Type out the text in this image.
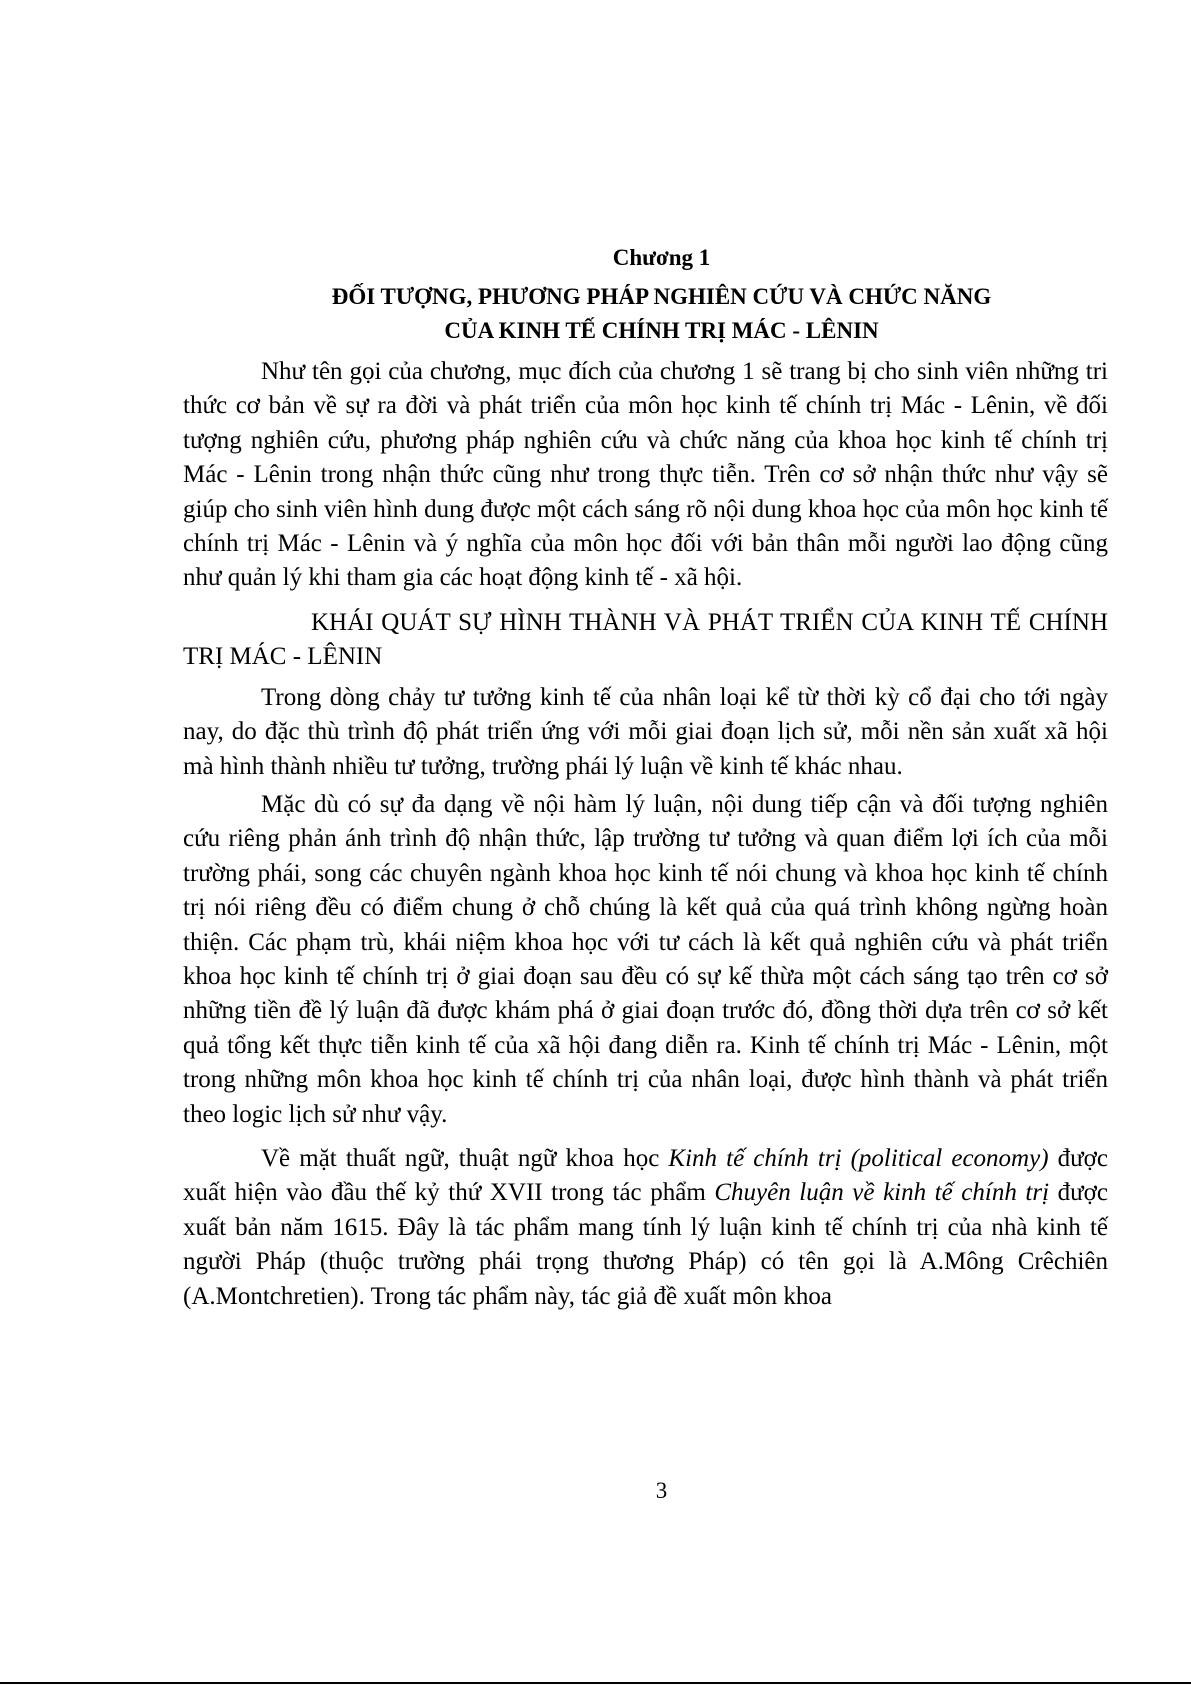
Chương 1
ĐỐI TƯỢNG, PHƯƠNG PHÁP NGHIÊN CỨU VÀ CHỨC NĂNG
CỦA KINH TẾ CHÍNH TRỊ MÁC - LÊNIN

Như tên gọi của chương, mục đích của chương 1 sẽ trang bị cho sinh viên những tri thức cơ bản về sự ra đời và phát triển của môn học kinh tế chính trị Mác - Lênin, về đối tượng nghiên cứu, phương pháp nghiên cứu và chức năng của khoa học kinh tế chính trị Mác - Lênin trong nhận thức cũng như trong thực tiễn. Trên cơ sở nhận thức như vậy sẽ giúp cho sinh viên hình dung được một cách sáng rõ nội dung khoa học của môn học kinh tế chính trị Mác - Lênin và ý nghĩa của môn học đối với bản thân mỗi người lao động cũng như quản lý khi tham gia các hoạt động kinh tế - xã hội.

KHÁI QUÁT SỰ HÌNH THÀNH VÀ PHÁT TRIỂN CỦA KINH TẾ CHÍNH TRỊ MÁC - LÊNIN

Trong dòng chảy tư tưởng kinh tế của nhân loại kể từ thời kỳ cổ đại cho tới ngày nay, do đặc thù trình độ phát triển ứng với mỗi giai đoạn lịch sử, mỗi nền sản xuất xã hội mà hình thành nhiều tư tưởng, trường phái lý luận về kinh tế khác nhau.

Mặc dù có sự đa dạng về nội hàm lý luận, nội dung tiếp cận và đối tượng nghiên cứu riêng phản ánh trình độ nhận thức, lập trường tư tưởng và quan điểm lợi ích của mỗi trường phái, song các chuyên ngành khoa học kinh tế nói chung và khoa học kinh tế chính trị nói riêng đều có điểm chung ở chỗ chúng là kết quả của quá trình không ngừng hoàn thiện. Các phạm trù, khái niệm khoa học với tư cách là kết quả nghiên cứu và phát triển khoa học kinh tế chính trị ở giai đoạn sau đều có sự kế thừa một cách sáng tạo trên cơ sở những tiền đề lý luận đã được khám phá ở giai đoạn trước đó, đồng thời dựa trên cơ sở kết quả tổng kết thực tiễn kinh tế của xã hội đang diễn ra. Kinh tế chính trị Mác - Lênin, một trong những môn khoa học kinh tế chính trị của nhân loại, được hình thành và phát triển theo logic lịch sử như vậy.

Về mặt thuất ngữ, thuật ngữ khoa học Kinh tế chính trị (political economy) được xuất hiện vào đầu thế kỷ thứ XVII trong tác phẩm Chuyên luận về kinh tế chính trị được xuất bản năm 1615. Đây là tác phẩm mang tính lý luận kinh tế chính trị của nhà kinh tế người Pháp (thuộc trường phái trọng thương Pháp) có tên gọi là A.Mông Crêchiên (A.Montchretien). Trong tác phẩm này, tác giả đề xuất môn khoa

3
